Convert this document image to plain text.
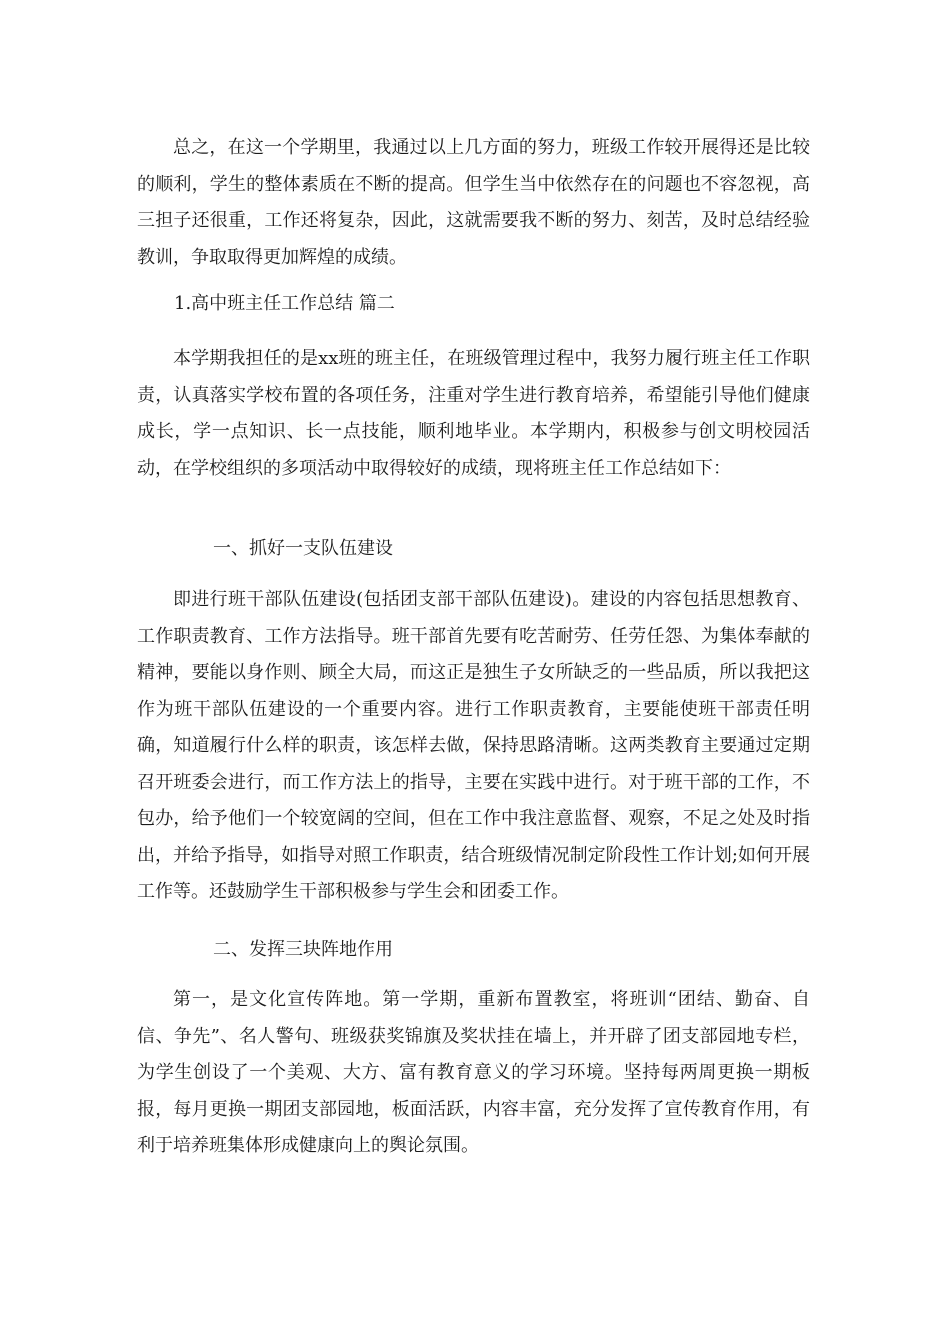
总之，在这一个学期里，我通过以上几方面的努力，班级工作较开展得还是比较的顺利，学生的整体素质在不断的提高。但学生当中依然存在的问题也不容忽视，高三担子还很重，工作还将复杂，因此，这就需要我不断的努力、刻苦，及时总结经验教训，争取取得更加辉煌的成绩。

1.高中班主任工作总结 篇二

本学期我担任的是xx班的班主任，在班级管理过程中，我努力履行班主任工作职责，认真落实学校布置的各项任务，注重对学生进行教育培养，希望能引导他们健康成长，学一点知识、长一点技能，顺利地毕业。本学期内，积极参与创文明校园活动，在学校组织的多项活动中取得较好的成绩，现将班主任工作总结如下：

一、抓好一支队伍建设

即进行班干部队伍建设(包括团支部干部队伍建设)。建设的内容包括思想教育、工作职责教育、工作方法指导。班干部首先要有吃苦耐劳、任劳任怨、为集体奉献的精神，要能以身作则、顾全大局，而这正是独生子女所缺乏的一些品质，所以我把这作为班干部队伍建设的一个重要内容。进行工作职责教育，主要能使班干部责任明确，知道履行什么样的职责，该怎样去做，保持思路清晰。这两类教育主要通过定期召开班委会进行，而工作方法上的指导，主要在实践中进行。对于班干部的工作，不包办，给予他们一个较宽阔的空间，但在工作中我注意监督、观察，不足之处及时指出，并给予指导，如指导对照工作职责，结合班级情况制定阶段性工作计划;如何开展工作等。还鼓励学生干部积极参与学生会和团委工作。

二、发挥三块阵地作用

第一，是文化宣传阵地。第一学期，重新布置教室，将班训“团结、勤奋、自信、争先”、名人警句、班级获奖锦旗及奖状挂在墙上，并开辟了团支部园地专栏，为学生创设了一个美观、大方、富有教育意义的学习环境。坚持每两周更换一期板报，每月更换一期团支部园地，板面活跃，内容丰富，充分发挥了宣传教育作用，有利于培养班集体形成健康向上的舆论氛围。
